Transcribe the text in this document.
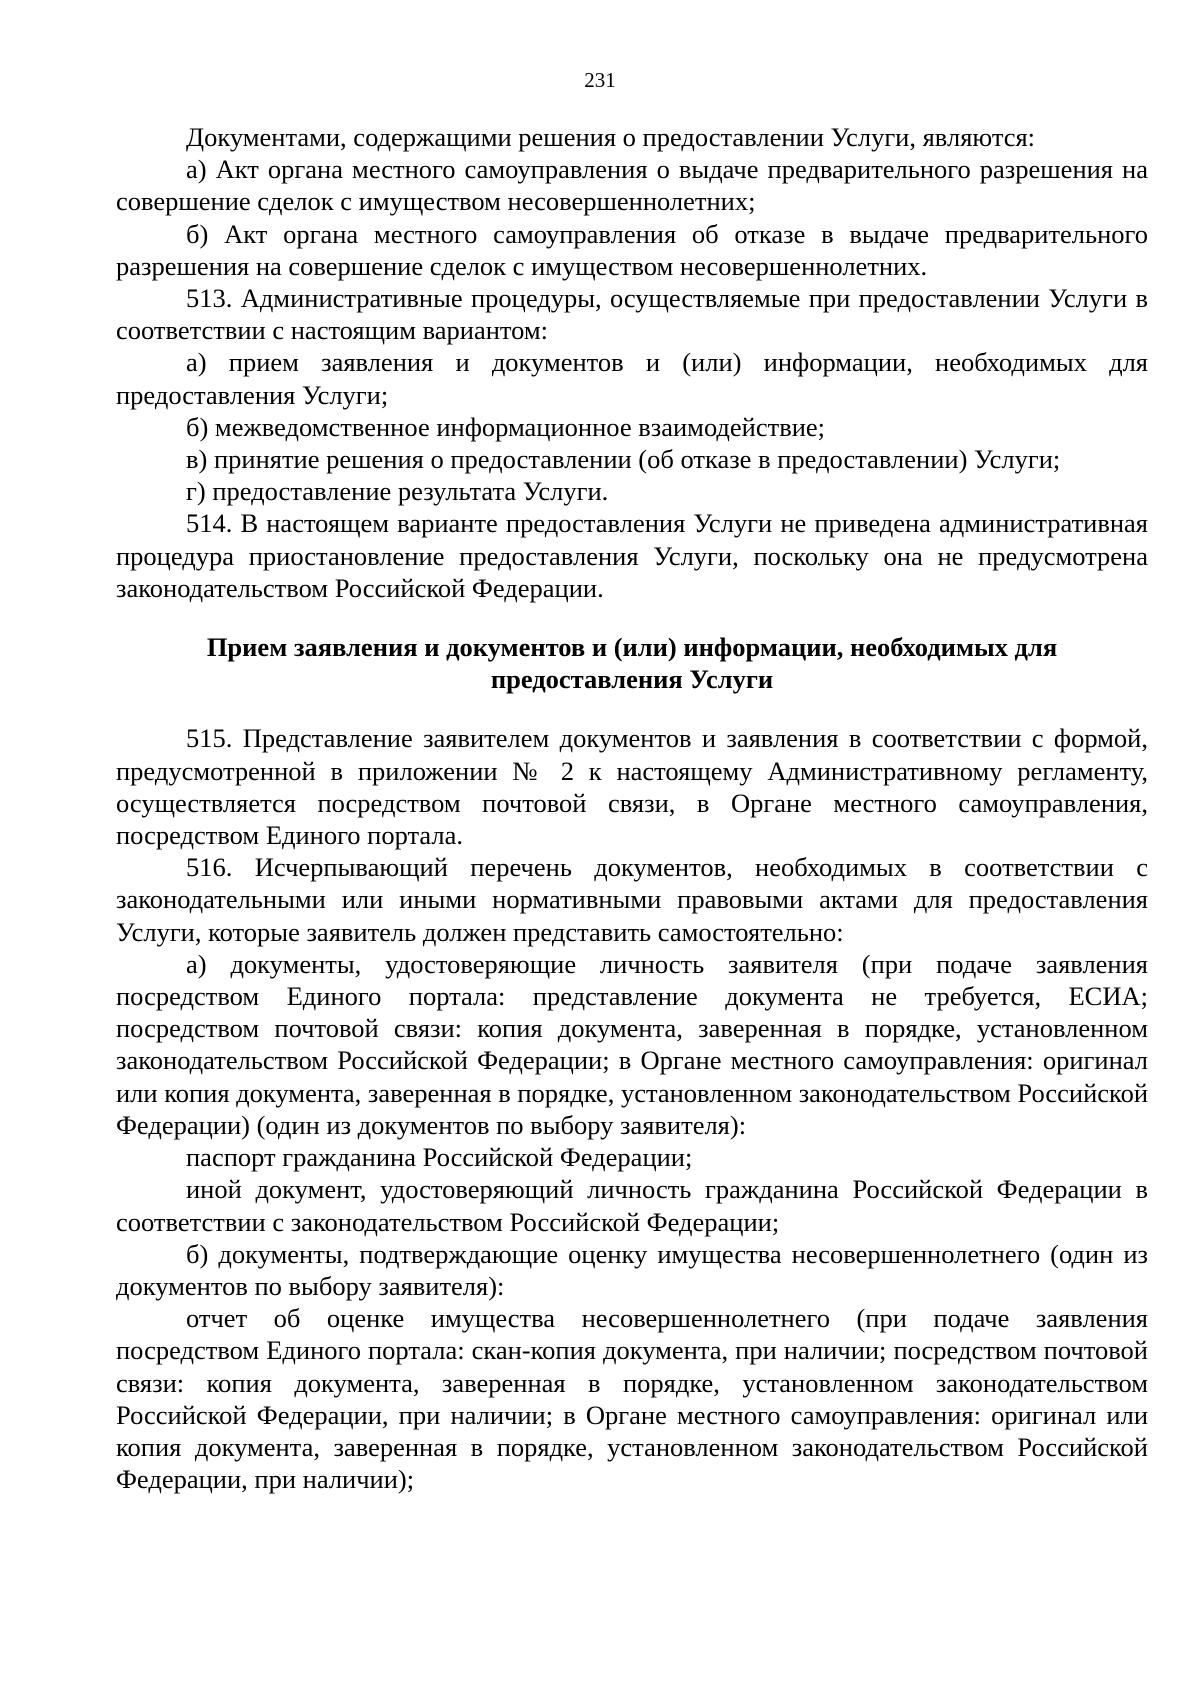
231

Документами, содержащими решения о предоставлении Услуги, являются:

а) Акт органа местного самоуправления о выдаче предварительного разрешения на совершение сделок с имуществом несовершеннолетних;

б) Акт органа местного самоуправления об отказе в выдаче предварительного разрешения на совершение сделок с имуществом несовершеннолетних.

513. Административные процедуры, осуществляемые при предоставлении Услуги в соответствии с настоящим вариантом:

а) прием заявления и документов и (или) информации, необходимых для предоставления Услуги;

б) межведомственное информационное взаимодействие;

в) принятие решения о предоставлении (об отказе в предоставлении) Услуги;

г) предоставление результата Услуги.

514. В настоящем варианте предоставления Услуги не приведена административная процедура приостановление предоставления Услуги, поскольку она не предусмотрена законодательством Российской Федерации.

Прием заявления и документов и (или) информации, необходимых для предоставления Услуги

515. Представление заявителем документов и заявления в соответствии с формой, предусмотренной в приложении № 2 к настоящему Административному регламенту, осуществляется посредством почтовой связи, в Органе местного самоуправления, посредством Единого портала.

516. Исчерпывающий перечень документов, необходимых в соответствии с законодательными или иными нормативными правовыми актами для предоставления Услуги, которые заявитель должен представить самостоятельно:

а) документы, удостоверяющие личность заявителя (при подаче заявления посредством Единого портала: представление документа не требуется, ЕСИА; посредством почтовой связи: копия документа, заверенная в порядке, установленном законодательством Российской Федерации; в Органе местного самоуправления: оригинал или копия документа, заверенная в порядке, установленном законодательством Российской Федерации) (один из документов по выбору заявителя):

паспорт гражданина Российской Федерации;

иной документ, удостоверяющий личность гражданина Российской Федерации в соответствии с законодательством Российской Федерации;

б) документы, подтверждающие оценку имущества несовершеннолетнего (один из документов по выбору заявителя):

отчет об оценке имущества несовершеннолетнего (при подаче заявления посредством Единого портала: скан-копия документа, при наличии; посредством почтовой связи: копия документа, заверенная в порядке, установленном законодательством Российской Федерации, при наличии; в Органе местного самоуправления: оригинал или копия документа, заверенная в порядке, установленном законодательством Российской Федерации, при наличии);
